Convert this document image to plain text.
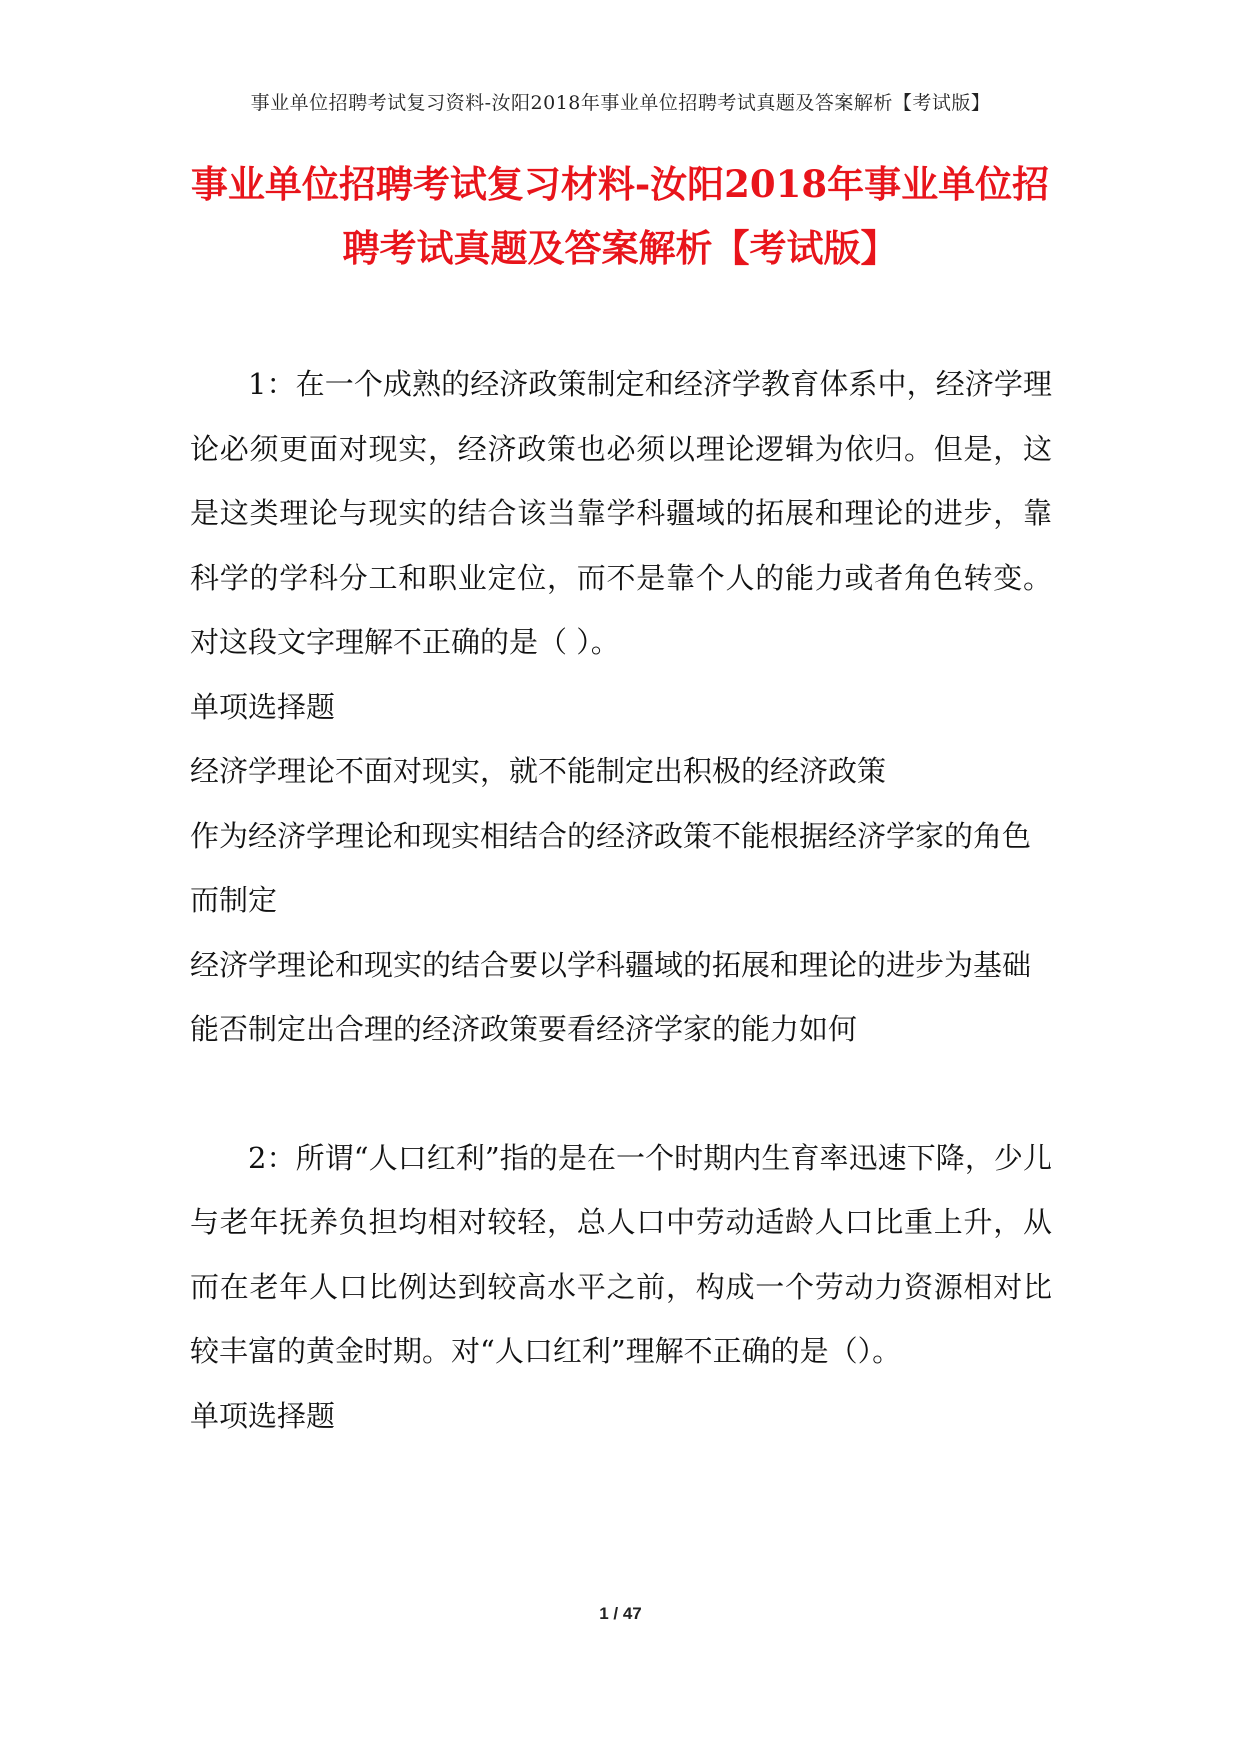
事业单位招聘考试复习资料-汝阳2018年事业单位招聘考试真题及答案解析【考试版】
事业单位招聘考试复习材料-汝阳2018年事业单位招
聘考试真题及答案解析【考试版】

1：在一个成熟的经济政策制定和经济学教育体系中，经济学理论必须更面对现实，经济政策也必须以理论逻辑为依归。但是，这是这类理论与现实的结合该当靠学科疆域的拓展和理论的进步，靠科学的学科分工和职业定位，而不是靠个人的能力或者角色转变。对这段文字理解不正确的是（ ）。

单项选择题

经济学理论不面对现实，就不能制定出积极的经济政策

作为经济学理论和现实相结合的经济政策不能根据经济学家的角色而制定

经济学理论和现实的结合要以学科疆域的拓展和理论的进步为基础

能否制定出合理的经济政策要看经济学家的能力如何

2：所谓“人口红利”指的是在一个时期内生育率迅速下降，少儿与老年抚养负担均相对较轻，总人口中劳动适龄人口比重上升，从而在老年人口比例达到较高水平之前，构成一个劳动力资源相对比较丰富的黄金时期。对“人口红利”理解不正确的是（）。

单项选择题

1 / 47
